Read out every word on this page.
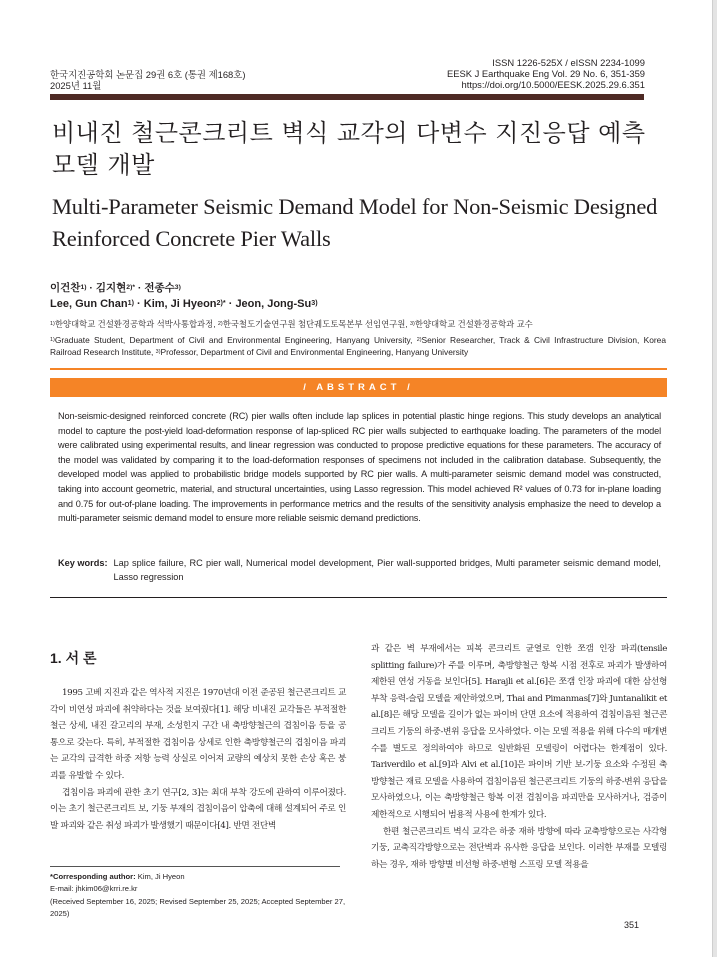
한국지진공학회 논문집 29권 6호 (통권 제168호)
2025년 11월
ISSN 1226-525X / eISSN 2234-1099
EESK J Earthquake Eng Vol. 29 No. 6, 351-359
https://doi.org/10.5000/EESK.2025.29.6.351
비내진 철근콘크리트 벽식 교각의 다변수 지진응답 예측
모델 개발
Multi-Parameter Seismic Demand Model for Non-Seismic Designed
Reinforced Concrete Pier Walls
이건찬$^{1)}$ · 김지현$^{2)*}$ · 전종수$^{3)}$
Lee, Gun Chan$^{1)}$ · Kim, Ji Hyeon$^{2)*}$ · Jeon, Jong-Su$^{3)}$
$^{1)}$한양대학교 건설환경공학과 석박사통합과정, $^{2)}$한국철도기술연구원 첨단궤도토목본부 선임연구원, $^{3)}$한양대학교 건설환경공학과 교수
$^{1)}$Graduate Student, Department of Civil and Environmental Engineering, Hanyang University, $^{2)}$Senior Researcher, Track & Civil Infrastructure Division, Korea Railroad Research Institute, $^{3)}$Professor, Department of Civil and Environmental Engineering, Hanyang University
/ ABSTRACT /
Non-seismic-designed reinforced concrete (RC) pier walls often include lap splices in potential plastic hinge regions. This study develops an analytical model to capture the post-yield load-deformation response of lap-spliced RC pier walls subjected to earthquake loading. The parameters of the model were calibrated using experimental results, and linear regression was conducted to propose predictive equations for these parameters. The accuracy of the model was validated by comparing it to the load-deformation responses of specimens not included in the calibration database. Subsequently, the developed model was applied to probabilistic bridge models supported by RC pier walls. A multi-parameter seismic demand model was constructed, taking into account geometric, material, and structural uncertainties, using Lasso regression. This model achieved R² values of 0.73 for in-plane loading and 0.75 for out-of-plane loading. The improvements in performance metrics and the results of the sensitivity analysis emphasize the need to develop a multi-parameter seismic demand model to ensure more reliable seismic demand predictions.
Key words: Lap splice failure, RC pier wall, Numerical model development, Pier wall-supported bridges, Multi parameter seismic demand model, Lasso regression
1. 서 론

1995 고베 지진과 같은 역사적 지진은 1970년대 이전 준공된 철근콘크리트 교각이 비연성 파괴에 취약하다는 것을 보여줬다[1]. 해당 비내진 교각들은 부적절한 철근 상세, 내진 갈고리의 부재, 소성힌지 구간 내 축방향철근의 겹침이음 등을 공통으로 갖는다. 특히, 부적절한 겹침이음 상세로 인한 축방향철근의 겹침이음 파괴는 교각의 급격한 하중 저항 능력 상실로 이어져 교량의 예상치 못한 손상 혹은 붕괴를 유발할 수 있다.

겹침이음 파괴에 관한 초기 연구[2, 3]는 최대 부착 강도에 관하여 이루어졌다. 이는 초기 철근콘크리트 보, 기둥 부재의 겹침이음이 압축에 대해 설계되어 주로 인발 파괴와 같은 취성 파괴가 발생했기 때문이다[4]. 반면 전단벽

과 같은 벽 부재에서는 피복 콘크리트 균열로 인한 쪼갬 인장 파괴(tensile splitting failure)가 주를 이루며, 축방향철근 항복 시점 전후로 파괴가 발생하여 제한된 연성 거동을 보인다[5]. Harajli et al.[6]은 쪼갬 인장 파괴에 대한 삼선형 부착 응력-슬립 모델을 제안하였으며, Thai and Pimanmas[7]와 Juntanalikit et al.[8]은 해당 모델을 길이가 없는 파이버 단면 요소에 적용하여 겹침이음된 철근콘크리트 기둥의 하중-변위 응답을 모사하였다. 이는 모델 적용을 위해 다수의 매개변수를 별도로 정의하여야 하므로 일반화된 모델링이 어렵다는 한계점이 있다. Tariverdilo et al.[9]과 Alvi et al.[10]은 파이버 기반 보-기둥 요소와 수정된 축방향철근 재료 모델을 사용하여 겹침이음된 철근콘크리트 기둥의 하중-변위 응답을 모사하였으나, 이는 축방향철근 항복 이전 겹침이음 파괴만을 모사하거나, 검증이 제한적으로 시행되어 범용적 사용에 한계가 있다.

한편 철근콘크리트 벽식 교각은 하중 재하 방향에 따라 교축방향으로는 사각형 기둥, 교축직각방향으로는 전단벽과 유사한 응답을 보인다. 이러한 부재를 모델링하는 경우, 재하 방향별 비선형 하중-변형 스프링 모델 적용을

*Corresponding author: Kim, Ji Hyeon
E-mail: jhkim06@krri.re.kr
(Received September 16, 2025; Revised September 25, 2025; Accepted September 27, 2025)
351
